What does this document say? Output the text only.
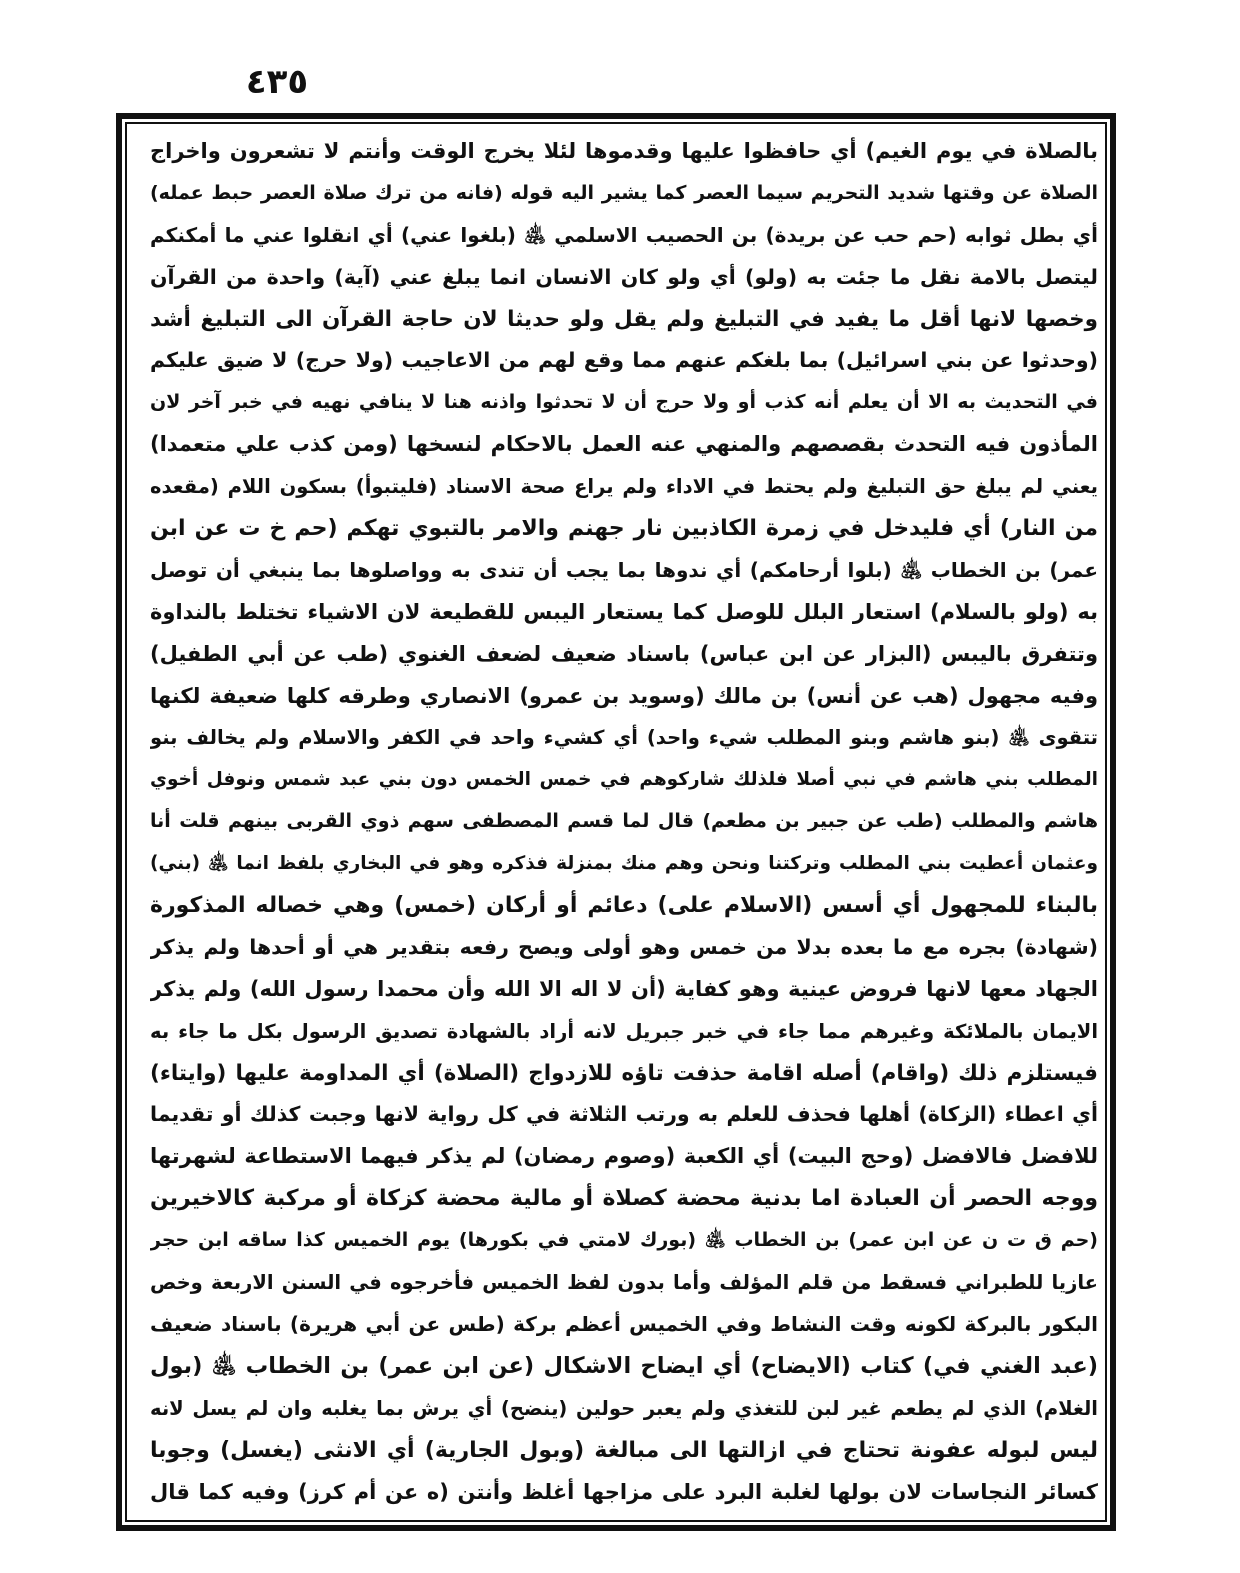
٤٣٥
بالصلاة في يوم الغيم) أي حافظوا عليها وقدموها لئلا يخرج الوقت وأنتم لا تشعرون واخراج
الصلاة عن وقتها شديد التحريم سيما العصر كما يشير اليه قوله (فانه من ترك صلاة العصر حبط عمله)
أي بطل ثوابه (حم حب عن بريدة) بن الحصيب الاسلمي ﵁ (بلغوا عني) أي انقلوا عني ما أمكنكم
ليتصل بالامة نقل ما جئت به (ولو) أي ولو كان الانسان انما يبلغ عني (آية) واحدة من القرآن
وخصها لانها أقل ما يفيد في التبليغ ولم يقل ولو حديثا لان حاجة القرآن الى التبليغ أشد
(وحدثوا عن بني اسرائيل) بما بلغكم عنهم مما وقع لهم من الاعاجيب (ولا حرج) لا ضيق عليكم
في التحديث به الا أن يعلم أنه كذب أو ولا حرج أن لا تحدثوا واذنه هنا لا ينافي نهيه في خبر آخر لان
المأذون فيه التحدث بقصصهم والمنهي عنه العمل بالاحكام لنسخها (ومن كذب علي متعمدا)
يعني لم يبلغ حق التبليغ ولم يحتط في الاداء ولم يراع صحة الاسناد (فليتبوأ) بسكون اللام (مقعده
من النار) أي فليدخل في زمرة الكاذبين نار جهنم والامر بالتبوي تهكم (حم خ ت عن ابن
عمر) بن الخطاب ﵁ (بلوا أرحامكم) أي ندوها بما يجب أن تندى به وواصلوها بما ينبغي أن توصل
به (ولو بالسلام) استعار البلل للوصل كما يستعار اليبس للقطيعة لان الاشياء تختلط بالنداوة
وتتفرق باليبس (البزار عن ابن عباس) باسناد ضعيف لضعف الغنوي (طب عن أبي الطفيل)
وفيه مجهول (هب عن أنس) بن مالك (وسويد بن عمرو) الانصاري وطرقه كلها ضعيفة لكنها
تتقوى ﵁ (بنو هاشم وبنو المطلب شيء واحد) أي كشيء واحد في الكفر والاسلام ولم يخالف بنو
المطلب بني هاشم في نبي أصلا فلذلك شاركوهم في خمس الخمس دون بني عبد شمس ونوفل أخوي
هاشم والمطلب (طب عن جبير بن مطعم) قال لما قسم المصطفى سهم ذوي القربى بينهم قلت أنا
وعثمان أعطيت بني المطلب وتركتنا ونحن وهم منك بمنزلة فذكره وهو في البخاري بلفظ انما ﵁ (بني)
بالبناء للمجهول أي أسس (الاسلام على) دعائم أو أركان (خمس) وهي خصاله المذكورة
(شهادة) بجره مع ما بعده بدلا من خمس وهو أولى ويصح رفعه بتقدير هي أو أحدها ولم يذكر
الجهاد معها لانها فروض عينية وهو كفاية (أن لا اله الا الله وأن محمدا رسول الله) ولم يذكر
الايمان بالملائكة وغيرهم مما جاء في خبر جبريل لانه أراد بالشهادة تصديق الرسول بكل ما جاء به
فيستلزم ذلك (واقام) أصله اقامة حذفت تاؤه للازدواج (الصلاة) أي المداومة عليها (وايتاء)
أي اعطاء (الزكاة) أهلها فحذف للعلم به ورتب الثلاثة في كل رواية لانها وجبت كذلك أو تقديما
للافضل فالافضل (وحج البيت) أي الكعبة (وصوم رمضان) لم يذكر فيهما الاستطاعة لشهرتها
ووجه الحصر أن العبادة اما بدنية محضة كصلاة أو مالية محضة كزكاة أو مركبة كالاخيرين
(حم ق ت ن عن ابن عمر) بن الخطاب ﵁ (بورك لامتي في بكورها) يوم الخميس كذا ساقه ابن حجر
عازيا للطبراني فسقط من قلم المؤلف وأما بدون لفظ الخميس فأخرجوه في السنن الاربعة وخص
البكور بالبركة لكونه وقت النشاط وفي الخميس أعظم بركة (طس عن أبي هريرة) باسناد ضعيف
(عبد الغني في) كتاب (الايضاح) أي ايضاح الاشكال (عن ابن عمر) بن الخطاب ﵁ (بول
الغلام) الذي لم يطعم غير لبن للتغذي ولم يعبر حولين (ينضح) أي يرش بما يغلبه وان لم يسل لانه
ليس لبوله عفونة تحتاج في ازالتها الى مبالغة (وبول الجارية) أي الانثى (يغسل) وجوبا
كسائر النجاسات لان بولها لغلبة البرد على مزاجها أغلظ وأنتن (ه عن أم كرز) وفيه كما قال
